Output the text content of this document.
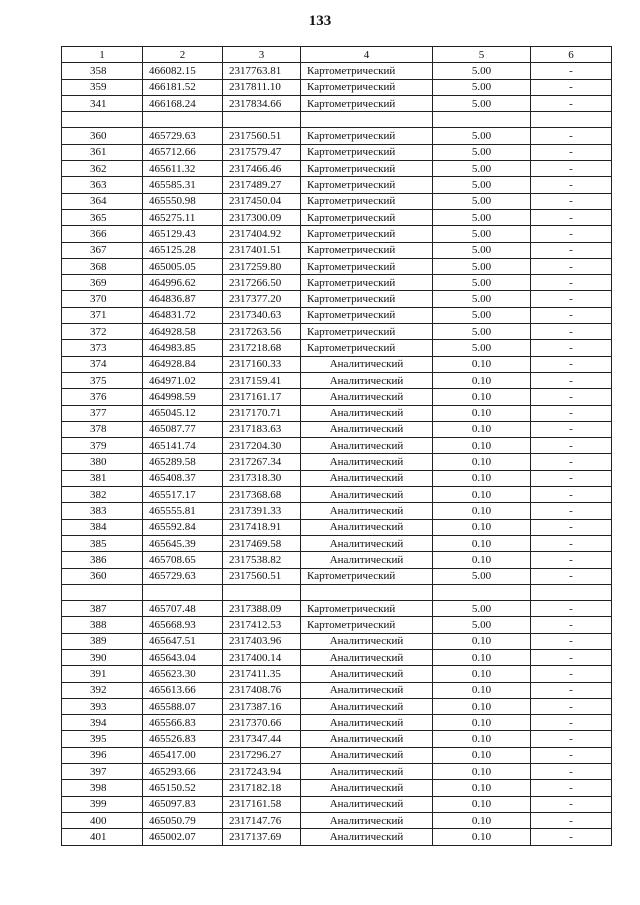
133
1	2	3	4	5	6
358	466082.15	2317763.81	Картометрический	5.00	-
359	466181.52	2317811.10	Картометрический	5.00	-
341	466168.24	2317834.66	Картометрический	5.00	-

360	465729.63	2317560.51	Картометрический	5.00	-
361	465712.66	2317579.47	Картометрический	5.00	-
362	465611.32	2317466.46	Картометрический	5.00	-
363	465585.31	2317489.27	Картометрический	5.00	-
364	465550.98	2317450.04	Картометрический	5.00	-
365	465275.11	2317300.09	Картометрический	5.00	-
366	465129.43	2317404.92	Картометрический	5.00	-
367	465125.28	2317401.51	Картометрический	5.00	-
368	465005.05	2317259.80	Картометрический	5.00	-
369	464996.62	2317266.50	Картометрический	5.00	-
370	464836.87	2317377.20	Картометрический	5.00	-
371	464831.72	2317340.63	Картометрический	5.00	-
372	464928.58	2317263.56	Картометрический	5.00	-
373	464983.85	2317218.68	Картометрический	5.00	-
374	464928.84	2317160.33	Аналитический	0.10	-
375	464971.02	2317159.41	Аналитический	0.10	-
376	464998.59	2317161.17	Аналитический	0.10	-
377	465045.12	2317170.71	Аналитический	0.10	-
378	465087.77	2317183.63	Аналитический	0.10	-
379	465141.74	2317204.30	Аналитический	0.10	-
380	465289.58	2317267.34	Аналитический	0.10	-
381	465408.37	2317318.30	Аналитический	0.10	-
382	465517.17	2317368.68	Аналитический	0.10	-
383	465555.81	2317391.33	Аналитический	0.10	-
384	465592.84	2317418.91	Аналитический	0.10	-
385	465645.39	2317469.58	Аналитический	0.10	-
386	465708.65	2317538.82	Аналитический	0.10	-
360	465729.63	2317560.51	Картометрический	5.00	-

387	465707.48	2317388.09	Картометрический	5.00	-
388	465668.93	2317412.53	Картометрический	5.00	-
389	465647.51	2317403.96	Аналитический	0.10	-
390	465643.04	2317400.14	Аналитический	0.10	-
391	465623.30	2317411.35	Аналитический	0.10	-
392	465613.66	2317408.76	Аналитический	0.10	-
393	465588.07	2317387.16	Аналитический	0.10	-
394	465566.83	2317370.66	Аналитический	0.10	-
395	465526.83	2317347.44	Аналитический	0.10	-
396	465417.00	2317296.27	Аналитический	0.10	-
397	465293.66	2317243.94	Аналитический	0.10	-
398	465150.52	2317182.18	Аналитический	0.10	-
399	465097.83	2317161.58	Аналитический	0.10	-
400	465050.79	2317147.76	Аналитический	0.10	-
401	465002.07	2317137.69	Аналитический	0.10	-
